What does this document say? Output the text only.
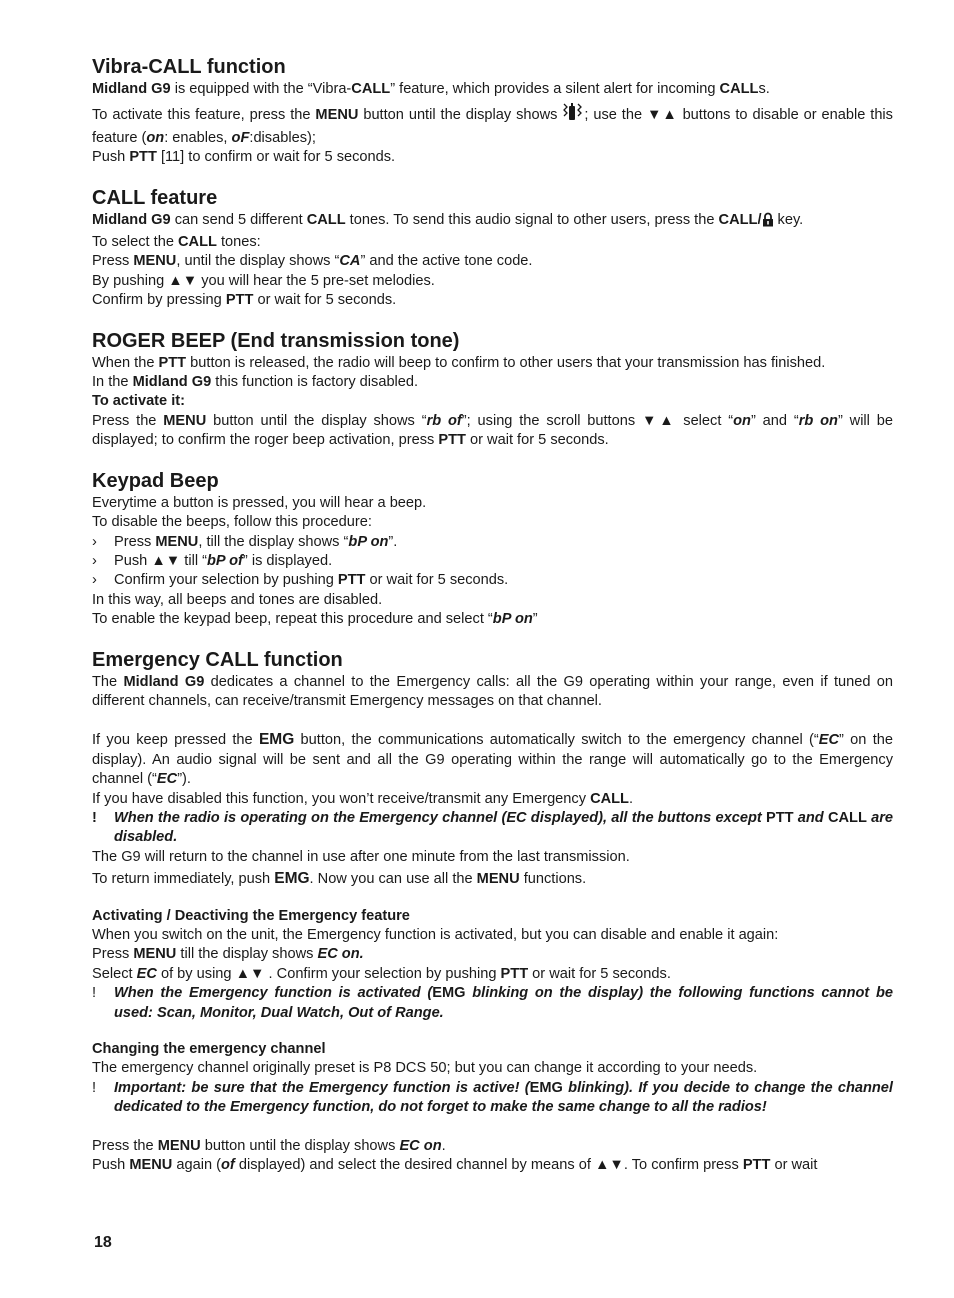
Vibra-CALL function

Midland G9 is equipped with the “Vibra-CALL” feature, which provides a silent alert for incoming CALLs.

To activate this feature, press the MENU button until the display shows ; use the ▼▲ buttons to disable or enable this feature (on: enables, oF:disables);

Push PTT [11] to confirm or wait for 5 seconds.

CALL feature

Midland G9 can send 5 different CALL tones. To send this audio signal to other users, press the CALL/ key.

To select the CALL tones:

Press MENU, until the display shows “CA” and the active tone code.

By pushing ▲▼ you will hear the 5 pre-set melodies.

Confirm by pressing PTT or wait for 5 seconds.

ROGER BEEP (End transmission tone)

When the PTT button is released, the radio will beep to confirm to other users that your transmission has finished.

In the Midland G9 this function is factory disabled.

To activate it:

Press the MENU button until the display shows “rb of”; using the scroll buttons ▼▲ select “on” and “rb on” will be displayed; to confirm the roger beep activation, press PTT or wait for 5 seconds.

Keypad Beep

Everytime a button is pressed, you will hear a beep.

To disable the beeps, follow this procedure:

› Press MENU, till the display shows “bP on”.
› Push ▲▼ till “bP of” is displayed.
› Confirm your selection by pushing PTT or wait for 5 seconds.

In this way, all beeps and tones are disabled.

To enable the keypad beep, repeat this procedure and select “bP on”

Emergency CALL function

The Midland G9 dedicates a channel to the Emergency calls: all the G9 operating within your range, even if tuned on different channels, can receive/transmit Emergency messages on that channel.

If you keep pressed the EMG button, the communications automatically switch to the emergency channel (“EC” on the display). An audio signal will be sent and all the G9 operating within the range will automatically go to the Emergency channel (“EC”).

If you have disabled this function, you won’t receive/transmit any Emergency CALL.

! When the radio is operating on the Emergency channel (EC displayed), all the buttons except PTT and CALL are disabled.

The G9 will return to the channel in use after one minute from the last transmission.

To return immediately, push EMG. Now you can use all the MENU functions.

Activating / Deactiving the Emergency feature

When you switch on the unit, the Emergency function is activated, but you can disable and enable it again:

Press MENU till the display shows EC on.

Select EC of by using ▲▼ . Confirm your selection by pushing PTT or wait for 5 seconds.

! When the Emergency function is activated (EMG blinking on the display) the following functions cannot be used: Scan, Monitor, Dual Watch, Out of Range.

Changing the emergency channel

The emergency channel originally preset is P8 DCS 50; but you can change it according to your needs.

! Important: be sure that the Emergency function is active! (EMG blinking). If you decide to change the channel dedicated to the Emergency function, do not forget to make the same change to all the radios!

Press the MENU button until the display shows EC on.

Push MENU again (of displayed) and select the desired channel by means of ▲▼. To confirm press PTT or wait

18
